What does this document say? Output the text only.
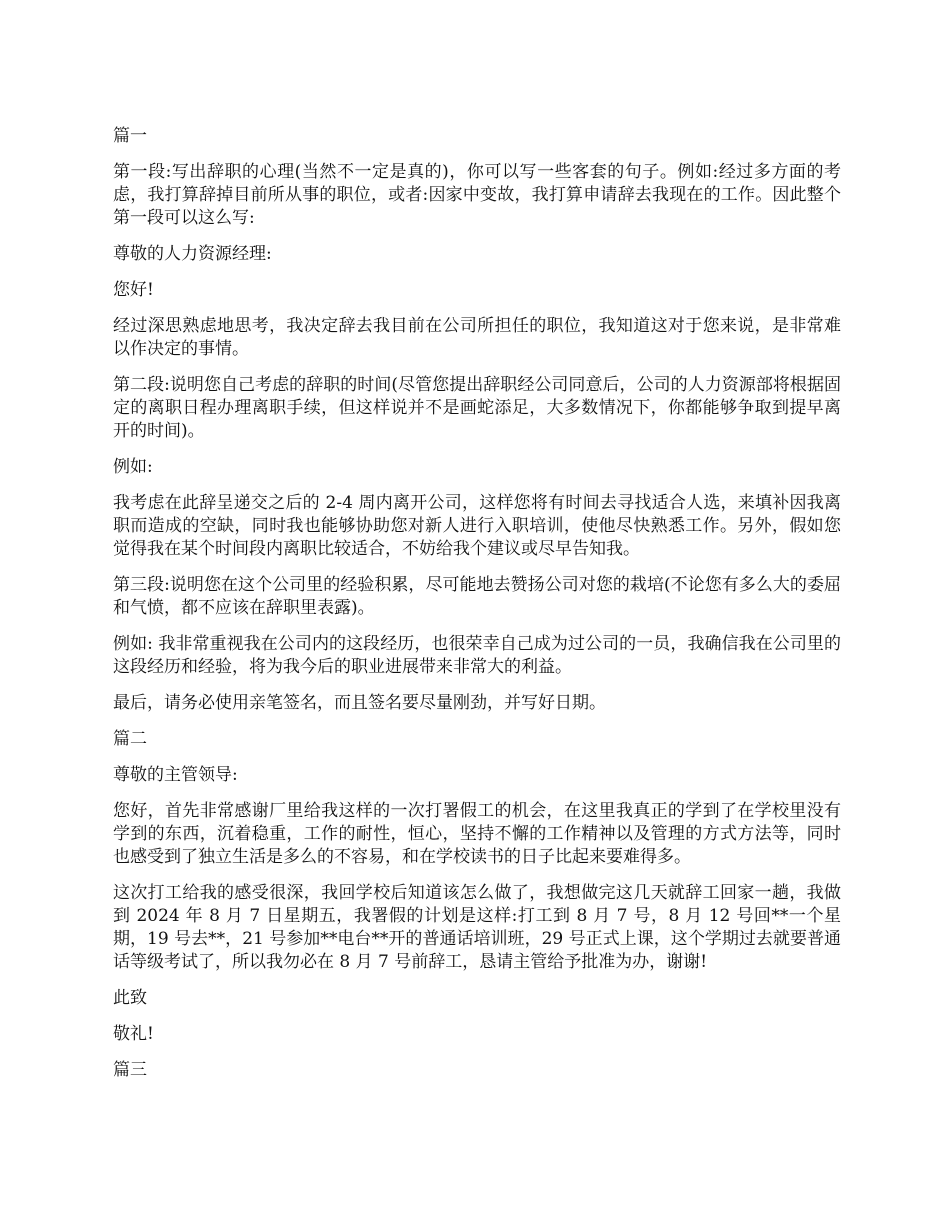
篇一

第一段:写出辞职的心理(当然不一定是真的)，你可以写一些客套的句子。例如:经过多方面的考虑，我打算辞掉目前所从事的职位，或者:因家中变故，我打算申请辞去我现在的工作。因此整个第一段可以这么写:

尊敬的人力资源经理:

您好!

经过深思熟虑地思考，我决定辞去我目前在公司所担任的职位，我知道这对于您来说，是非常难以作决定的事情。

第二段:说明您自己考虑的辞职的时间(尽管您提出辞职经公司同意后，公司的人力资源部将根据固定的离职日程办理离职手续，但这样说并不是画蛇添足，大多数情况下，你都能够争取到提早离开的时间)。

例如:

我考虑在此辞呈递交之后的 2-4 周内离开公司，这样您将有时间去寻找适合人选，来填补因我离职而造成的空缺，同时我也能够协助您对新人进行入职培训，使他尽快熟悉工作。另外，假如您觉得我在某个时间段内离职比较适合，不妨给我个建议或尽早告知我。

第三段:说明您在这个公司里的经验积累，尽可能地去赞扬公司对您的栽培(不论您有多么大的委屈和气愤，都不应该在辞职里表露)。

例如: 我非常重视我在公司内的这段经历，也很荣幸自己成为过公司的一员，我确信我在公司里的这段经历和经验，将为我今后的职业进展带来非常大的利益。

最后，请务必使用亲笔签名，而且签名要尽量刚劲，并写好日期。

篇二

尊敬的主管领导:

您好，首先非常感谢厂里给我这样的一次打署假工的机会，在这里我真正的学到了在学校里没有学到的东西，沉着稳重，工作的耐性，恒心，坚持不懈的工作精神以及管理的方式方法等，同时也感受到了独立生活是多么的不容易，和在学校读书的日子比起来要难得多。

这次打工给我的感受很深，我回学校后知道该怎么做了，我想做完这几天就辞工回家一趟，我做到 2024 年 8 月 7 日星期五，我署假的计划是这样:打工到 8 月 7 号，8 月 12 号回**一个星期，19 号去**，21 号参加**电台**开的普通话培训班，29 号正式上课，这个学期过去就要普通话等级考试了，所以我勿必在 8 月 7 号前辞工，恳请主管给予批准为办，谢谢!

此致

敬礼!

篇三
